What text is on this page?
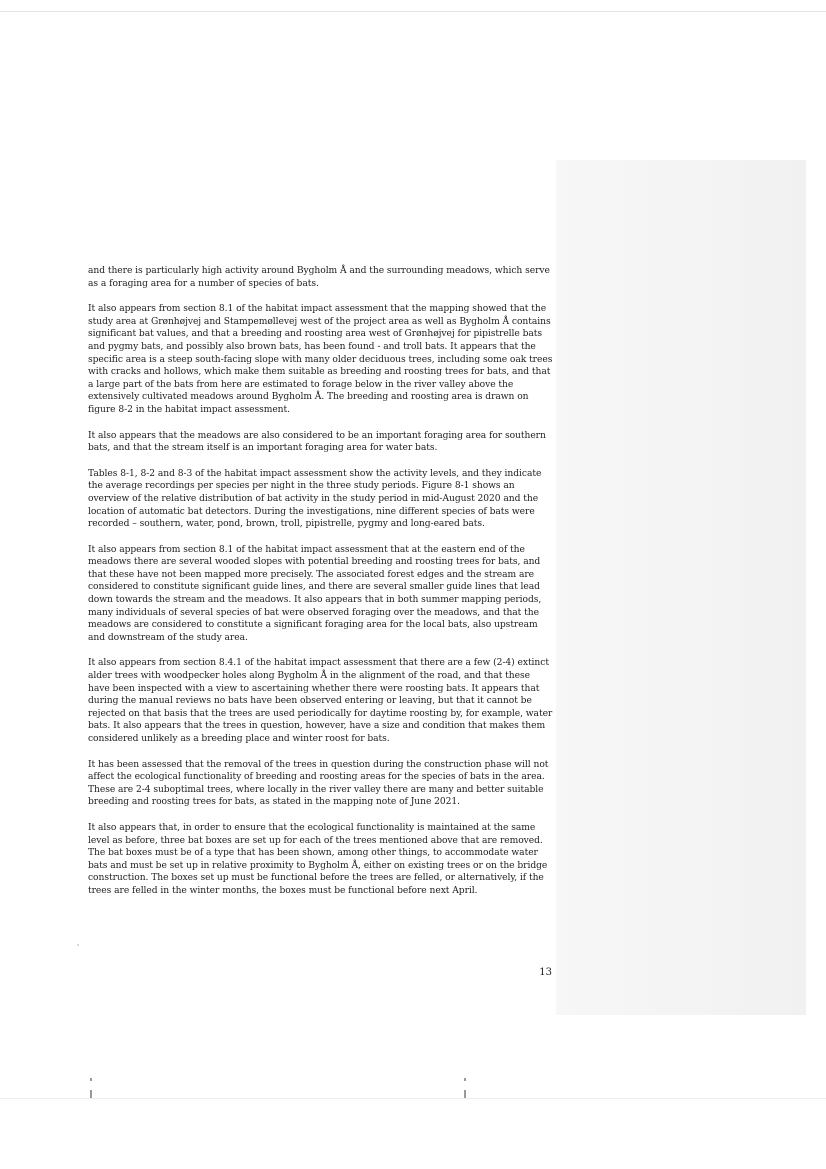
and there is particularly high activity around Bygholm Å and the surrounding meadows, which serve as a foraging area for a number of species of bats.

It also appears from section 8.1 of the habitat impact assessment that the mapping showed that the study area at Grønhøjvej and Stampemøllevej west of the project area as well as Bygholm Å contains significant bat values, and that a breeding and roosting area west of Grønhøjvej for pipistrelle bats and pygmy bats, and possibly also brown bats, has been found - and troll bats. It appears that the specific area is a steep south-facing slope with many older deciduous trees, including some oak trees with cracks and hollows, which make them suitable as breeding and roosting trees for bats, and that a large part of the bats from here are estimated to forage below in the river valley above the extensively cultivated meadows around Bygholm Å. The breeding and roosting area is drawn on figure 8-2 in the habitat impact assessment.

It also appears that the meadows are also considered to be an important foraging area for southern bats, and that the stream itself is an important foraging area for water bats.

Tables 8-1, 8-2 and 8-3 of the habitat impact assessment show the activity levels, and they indicate the average recordings per species per night in the three study periods. Figure 8-1 shows an overview of the relative distribution of bat activity in the study period in mid-August 2020 and the location of automatic bat detectors. During the investigations, nine different species of bats were recorded – southern, water, pond, brown, troll, pipistrelle, pygmy and long-eared bats.

It also appears from section 8.1 of the habitat impact assessment that at the eastern end of the meadows there are several wooded slopes with potential breeding and roosting trees for bats, and that these have not been mapped more precisely. The associated forest edges and the stream are considered to constitute significant guide lines, and there are several smaller guide lines that lead down towards the stream and the meadows. It also appears that in both summer mapping periods, many individuals of several species of bat were observed foraging over the meadows, and that the meadows are considered to constitute a significant foraging area for the local bats, also upstream and downstream of the study area.

It also appears from section 8.4.1 of the habitat impact assessment that there are a few (2-4) extinct alder trees with woodpecker holes along Bygholm Å in the alignment of the road, and that these have been inspected with a view to ascertaining whether there were roosting bats. It appears that during the manual reviews no bats have been observed entering or leaving, but that it cannot be rejected on that basis that the trees are used periodically for daytime roosting by, for example, water bats. It also appears that the trees in question, however, have a size and condition that makes them considered unlikely as a breeding place and winter roost for bats.

It has been assessed that the removal of the trees in question during the construction phase will not affect the ecological functionality of breeding and roosting areas for the species of bats in the area. These are 2-4 suboptimal trees, where locally in the river valley there are many and better suitable breeding and roosting trees for bats, as stated in the mapping note of June 2021.

It also appears that, in order to ensure that the ecological functionality is maintained at the same level as before, three bat boxes are set up for each of the trees mentioned above that are removed. The bat boxes must be of a type that has been shown, among other things, to accommodate water bats and must be set up in relative proximity to Bygholm Å, either on existing trees or on the bridge construction. The boxes set up must be functional before the trees are felled, or alternatively, if the trees are felled in the winter months, the boxes must be functional before next April.

13
